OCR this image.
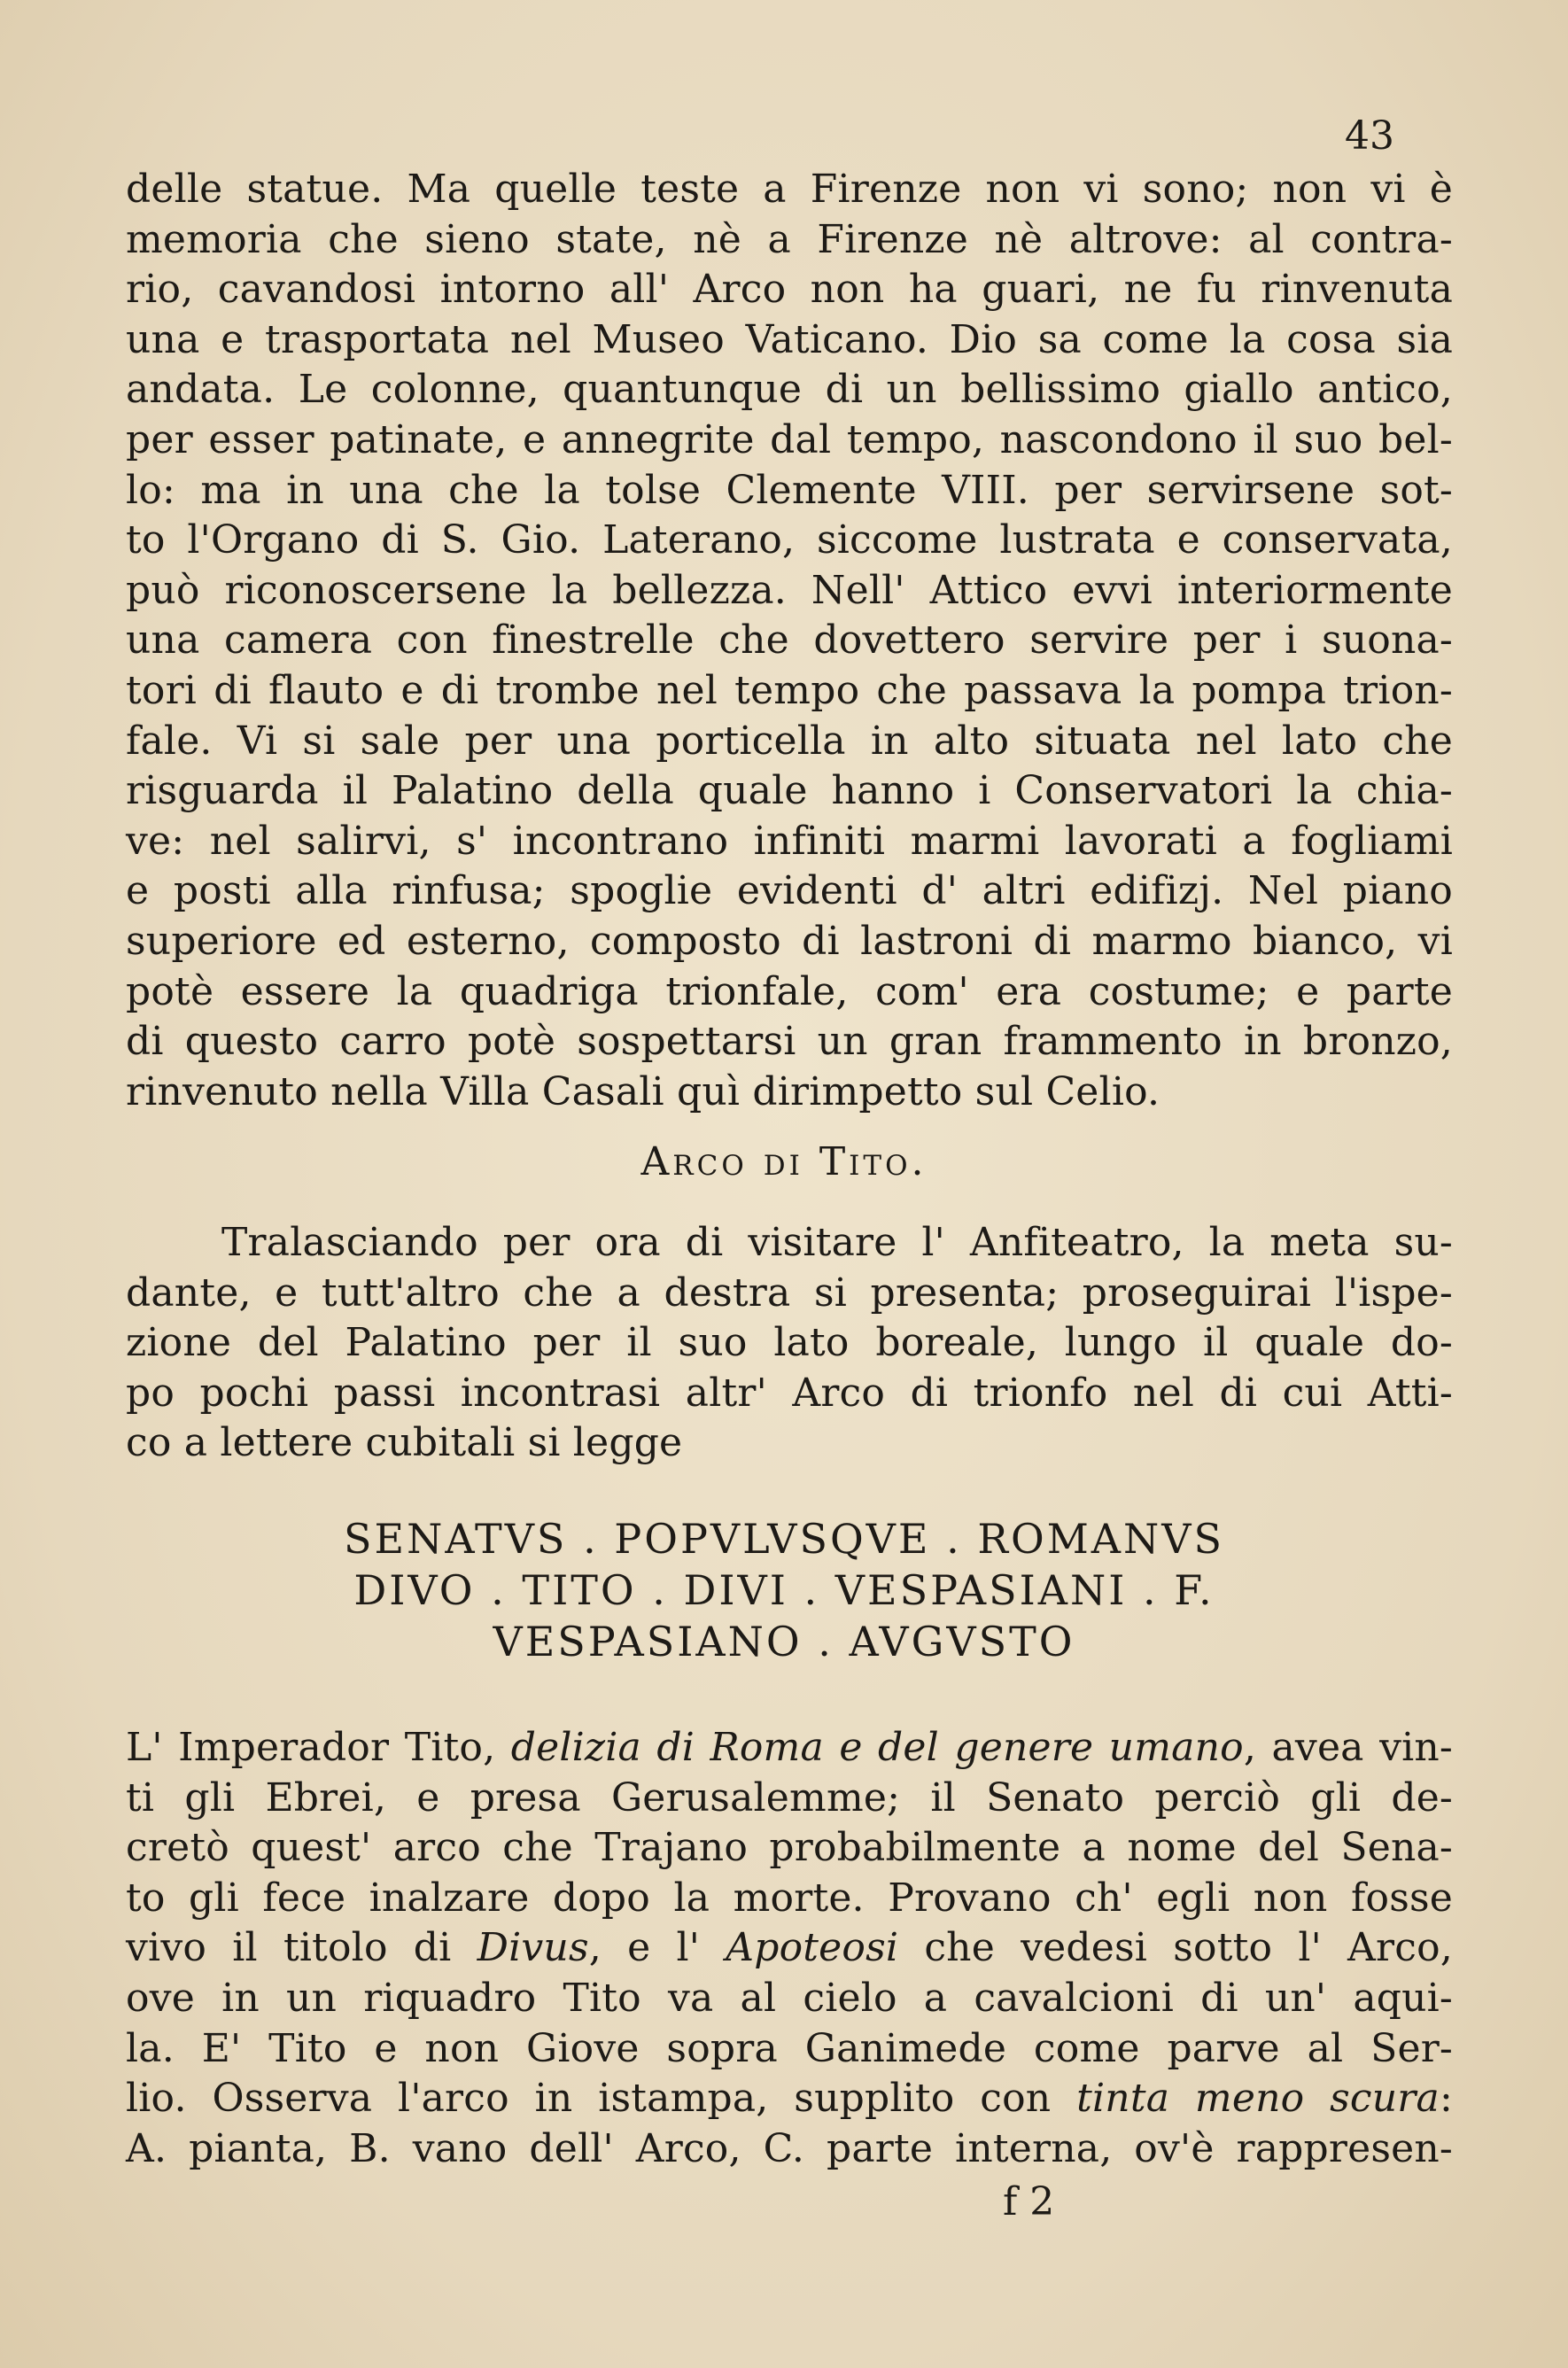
43
delle statue. Ma quelle teste a Firenze non vi sono; non vi è
memoria che sieno state, nè a Firenze nè altrove: al contra-
rio, cavandosi intorno all' Arco non ha guari, ne fu rinvenuta
una e trasportata nel Museo Vaticano. Dio sa come la cosa sia
andata. Le colonne, quantunque di un bellissimo giallo antico,
per esser patinate, e annegrite dal tempo, nascondono il suo bel-
lo: ma in una che la tolse Clemente VIII. per servirsene sot-
to l'Organo di S. Gio. Laterano, siccome lustrata e conservata,
può riconoscersene la bellezza. Nell' Attico evvi interiormente
una camera con finestrelle che dovettero servire per i suona-
tori di flauto e di trombe nel tempo che passava la pompa trion-
fale. Vi si sale per una porticella in alto situata nel lato che
risguarda il Palatino della quale hanno i Conservatori la chia-
ve: nel salirvi, s' incontrano infiniti marmi lavorati a fogliami
e posti alla rinfusa; spoglie evidenti d' altri edifizj. Nel piano
superiore ed esterno, composto di lastroni di marmo bianco, vi
potè essere la quadriga trionfale, com' era costume; e parte
di questo carro potè sospettarsi un gran frammento in bronzo,
rinvenuto nella Villa Casali quì dirimpetto sul Celio.
Arco di Tito.
Tralasciando per ora di visitare l' Anfiteatro, la meta su-
dante, e tutt'altro che a destra si presenta; proseguirai l'ispe-
zione del Palatino per il suo lato boreale, lungo il quale do-
po pochi passi incontrasi altr' Arco di trionfo nel di cui Atti-
co a lettere cubitali si legge
SENATVS . POPVLVSQVE . ROMANVS
DIVO . TITO . DIVI . VESPASIANI . F.
VESPASIANO . AVGVSTO
L' Imperador Tito, delizia di Roma e del genere umano, avea vin-
ti gli Ebrei, e presa Gerusalemme; il Senato perciò gli de-
cretò quest' arco che Trajano probabilmente a nome del Sena-
to gli fece inalzare dopo la morte. Provano ch' egli non fosse
vivo il titolo di Divus, e l' Apoteosi che vedesi sotto l' Arco,
ove in un riquadro Tito va al cielo a cavalcioni di un' aqui-
la. E' Tito e non Giove sopra Ganimede come parve al Ser-
lio. Osserva l'arco in istampa, supplito con tinta meno scura:
A. pianta, B. vano dell' Arco, C. parte interna, ov'è rappresen-
f 2
